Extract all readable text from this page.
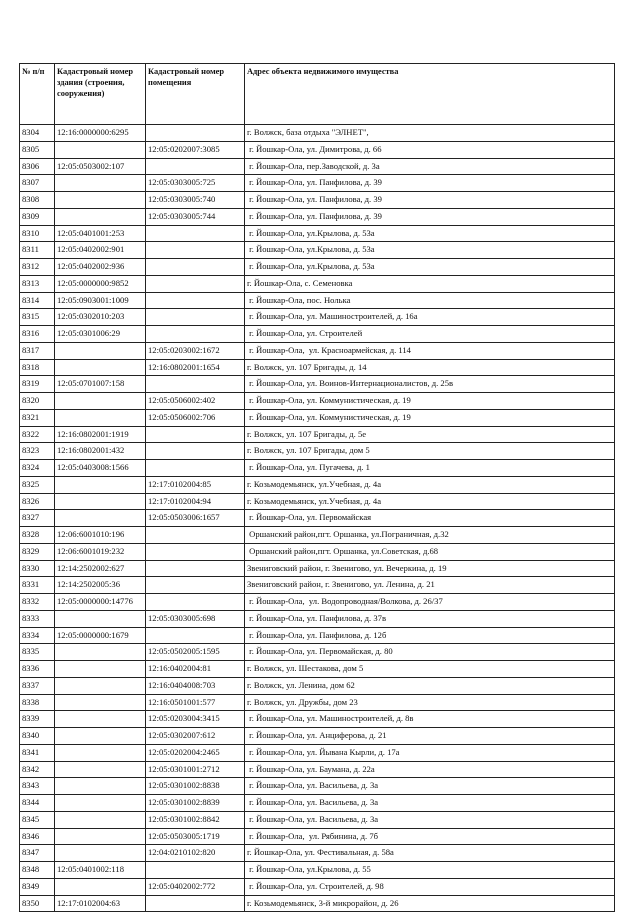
№ п/п	Кадастровый номер здания (строения, сооружения)	Кадастровый номер помещения	Адрес объекта недвижимого имущества
8304	12:16:0000000:6295		г. Волжск, база отдыха "ЭЛНЕТ",
8305		12:05:0202007:3085	г. Йошкар-Ола, ул. Димитрова, д. 66
8306	12:05:0503002:107		г. Йошкар-Ола, пер.Заводской, д. 3а
8307		12:05:0303005:725	г. Йошкар-Ола, ул. Панфилова, д. 39
8308		12:05:0303005:740	г. Йошкар-Ола, ул. Панфилова, д. 39
8309		12:05:0303005:744	г. Йошкар-Ола, ул. Панфилова, д. 39
8310	12:05:0401001:253		г. Йошкар-Ола, ул.Крылова, д. 53а
8311	12:05:0402002:901		г. Йошкар-Ола, ул.Крылова, д. 53а
8312	12:05:0402002:936		г. Йошкар-Ола, ул.Крылова, д. 53а
8313	12:05:0000000:9852		г. Йошкар-Ола, с. Семеновка
8314	12:05:0903001:1009		г. Йошкар-Ола, пос. Нолька
8315	12:05:0302010:203		г. Йошкар-Ола, ул. Машиностроителей, д. 16а
8316	12:05:0301006:29		г. Йошкар-Ола, ул. Строителей
8317		12:05:0203002:1672	г. Йошкар-Ола,  ул. Красноармейская, д. 114
8318		12:16:0802001:1654	г. Волжск, ул. 107 Бригады, д. 14
8319	12:05:0701007:158		г. Йошкар-Ола, ул. Воинов-Интернационалистов, д. 25в
8320		12:05:0506002:402	г. Йошкар-Ола, ул. Коммунистическая, д. 19
8321		12:05:0506002:706	г. Йошкар-Ола, ул. Коммунистическая, д. 19
8322	12:16:0802001:1919		г. Волжск, ул. 107 Бригады, д. 5е
8323	12:16:0802001:432		г. Волжск, ул. 107 Бригады, дом 5
8324	12:05:0403008:1566		г. Йошкар-Ола, ул. Пугачева, д. 1
8325		12:17:0102004:85	г. Козьмодемьянск, ул.Учебная, д. 4а
8326		12:17:0102004:94	г. Козьмодемьянск, ул.Учебная, д. 4а
8327		12:05:0503006:1657	г. Йошкар-Ола, ул. Первомайская
8328	12:06:6001010:196		Оршанский район,пгт. Оршанка, ул.Пограничная, д.32
8329	12:06:6001019:232		Оршанский район,пгт. Оршанка, ул.Советская, д.68
8330	12:14:2502002:627		Звениговский район, г. Звенигово, ул. Вечеркина, д. 19
8331	12:14:2502005:36		Звениговский район, г. Звенигово, ул. Ленина, д. 21
8332	12:05:0000000:14776		г. Йошкар-Ола,  ул. Водопроводная/Волкова, д. 26/37
8333		12:05:0303005:698	г. Йошкар-Ола, ул. Панфилова, д. 37в
8334	12:05:0000000:1679		г. Йошкар-Ола, ул. Панфилова, д. 12б
8335		12:05:0502005:1595	г. Йошкар-Ола, ул. Первомайская, д. 80
8336		12:16:0402004:81	г. Волжск, ул. Шестакова, дом 5
8337		12:16:0404008:703	г. Волжск, ул. Ленина, дом 62
8338		12:16:0501001:577	г. Волжск, ул. Дружбы, дом 23
8339		12:05:0203004:3415	г. Йошкар-Ола, ул. Машиностроителей, д. 8в
8340		12:05:0302007:612	г. Йошкар-Ола, ул. Анциферова, д. 21
8341		12:05:0202004:2465	г. Йошкар-Ола, ул. Йывана Кырли, д. 17а
8342		12:05:0301001:2712	г. Йошкар-Ола, ул. Баумана, д. 22а
8343		12:05:0301002:8838	г. Йошкар-Ола, ул. Васильева, д. 3а
8344		12:05:0301002:8839	г. Йошкар-Ола, ул. Васильева, д. 3а
8345		12:05:0301002:8842	г. Йошкар-Ола, ул. Васильева, д. 3а
8346		12:05:0503005:1719	г. Йошкар-Ола,  ул. Рябинина, д. 7б
8347		12:04:0210102:820	г. Йошкар-Ола, ул. Фестивальная, д. 58а
8348	12:05:0401002:118		г. Йошкар-Ола, ул.Крылова, д. 55
8349		12:05:0402002:772	г. Йошкар-Ола, ул. Строителей, д. 98
8350	12:17:0102004:63		г. Козьмодемьянск, 3-й микрорайон, д. 26
